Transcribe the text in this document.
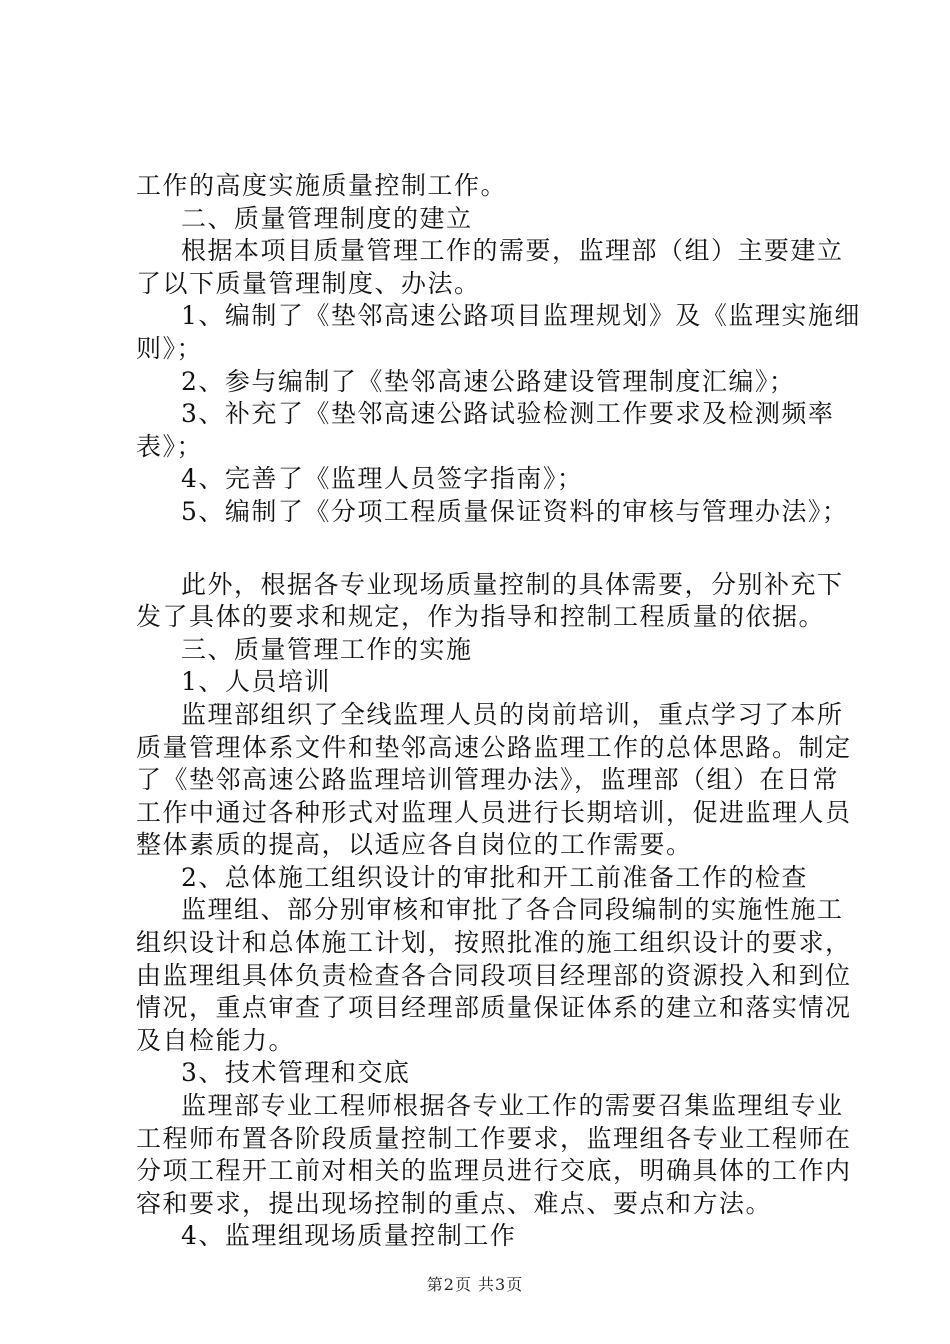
工作的高度实施质量控制工作。
二、质量管理制度的建立
根据本项目质量管理工作的需要，监理部（组）主要建立
了以下质量管理制度、办法。
1、编制了《垫邻高速公路项目监理规划》及《监理实施细
则》；
2、参与编制了《垫邻高速公路建设管理制度汇编》；
3、补充了《垫邻高速公路试验检测工作要求及检测频率
表》；
4、完善了《监理人员签字指南》；
5、编制了《分项工程质量保证资料的审核与管理办法》；
此外，根据各专业现场质量控制的具体需要，分别补充下
发了具体的要求和规定，作为指导和控制工程质量的依据。
三、质量管理工作的实施
1、人员培训
监理部组织了全线监理人员的岗前培训，重点学习了本所
质量管理体系文件和垫邻高速公路监理工作的总体思路。制定
了《垫邻高速公路监理培训管理办法》，监理部（组）在日常
工作中通过各种形式对监理人员进行长期培训，促进监理人员
整体素质的提高，以适应各自岗位的工作需要。
2、总体施工组织设计的审批和开工前准备工作的检查
监理组、部分别审核和审批了各合同段编制的实施性施工
组织设计和总体施工计划，按照批准的施工组织设计的要求，
由监理组具体负责检查各合同段项目经理部的资源投入和到位
情况，重点审查了项目经理部质量保证体系的建立和落实情况
及自检能力。
3、技术管理和交底
监理部专业工程师根据各专业工作的需要召集监理组专业
工程师布置各阶段质量控制工作要求，监理组各专业工程师在
分项工程开工前对相关的监理员进行交底，明确具体的工作内
容和要求，提出现场控制的重点、难点、要点和方法。
4、监理组现场质量控制工作
第2页 共3页
